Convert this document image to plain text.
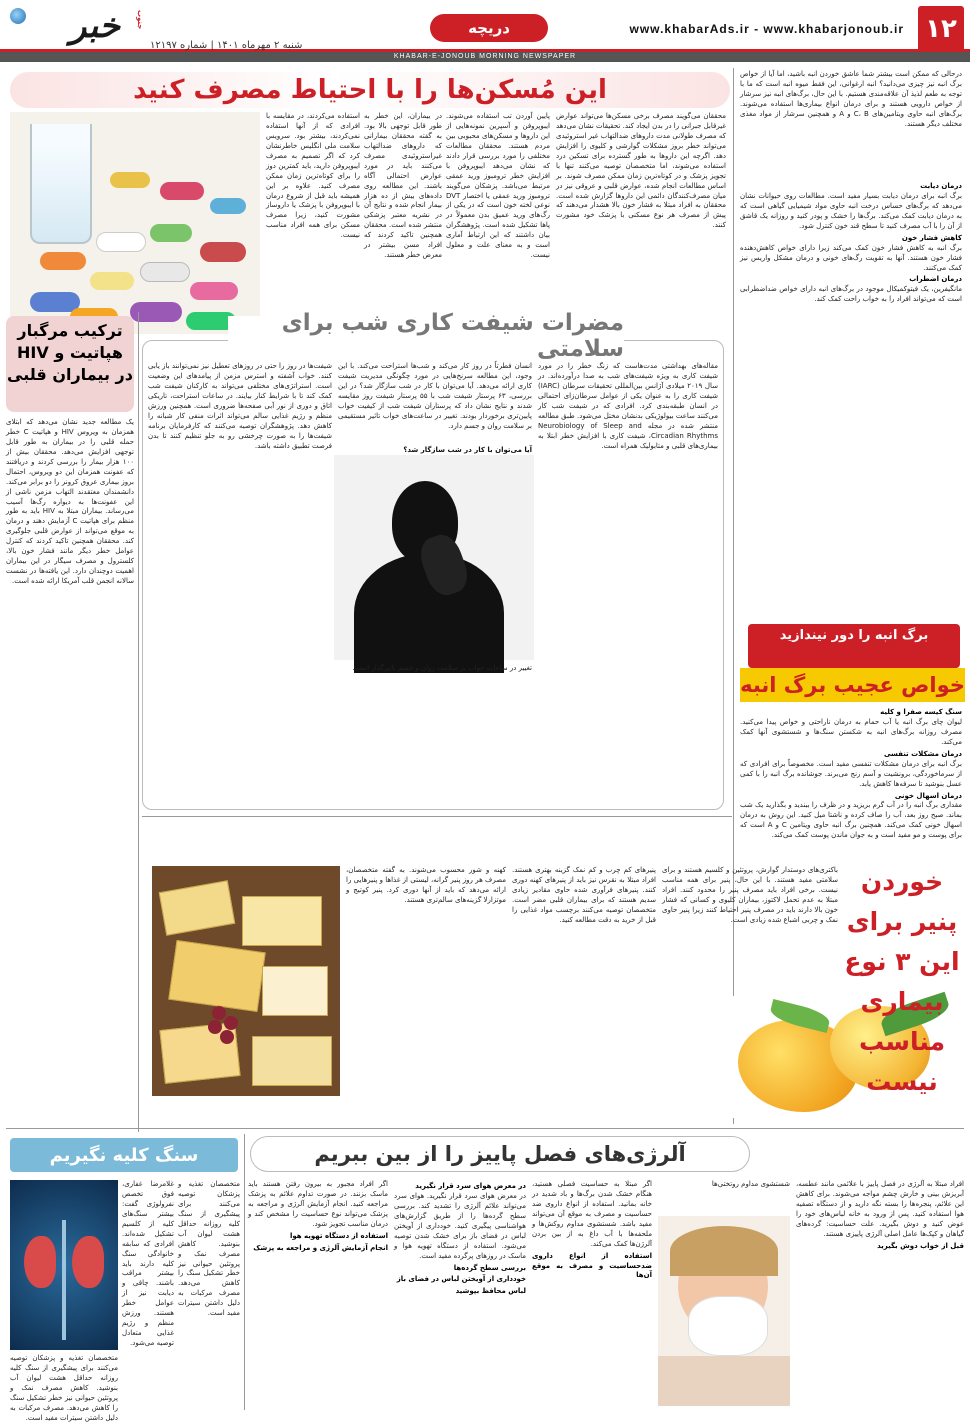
۱۲
www.khabarAds.ir - www.khabarjonoub.ir
دریچه
خبر جنوب
شنبه ۲ مهرماه ۱۴۰۱ | شماره ۱۲۱۹۷
KHABAR-E-JONOUB MORNING NEWSPAPER
این مُسکن‌ها را با احتیاط مصرف کنید
محققان می‌گویند مصرف برخی مسکن‌ها می‌تواند عوارض غیرقابل جبرانی را در بدن ایجاد کند. تحقیقات نشان می‌دهد که مصرف طولانی مدت داروهای ضدالتهاب غیر استروئیدی می‌تواند خطر بروز مشکلات گوارشی و کلیوی را افزایش دهد. اگرچه این داروها به طور گسترده برای تسکین درد استفاده می‌شوند، اما متخصصان توصیه می‌کنند تنها با تجویز پزشک و در کوتاه‌ترین زمان ممکن مصرف شوند. بر اساس مطالعات انجام شده، عوارض قلبی و عروقی نیز در میان مصرف‌کنندگان دائمی این داروها گزارش شده است. محققان به افراد مبتلا به فشار خون بالا هشدار می‌دهند که پیش از مصرف هر نوع مسکنی با پزشک خود مشورت کنند.
پایین آوردن تب استفاده می‌شوند. ایبوپروفن و آسپرین نمونه‌هایی از این داروها و مسکن‌های محبوبی بین مردم هستند. محققان مطالعات مختلفی را مورد بررسی قرار دادند که نشان می‌دهد ایبوپروفن با افزایش خطر ترومبوز ورید عمقی مرتبط می‌باشد. پزشکان می‌گویند ترومبوز ورید عمقی یا اختصار DVT نوعی لخته خون است که در یکی از رگ‌های ورید عمیق بدن معمولاً در پاها تشکیل شده است. پژوهشگران بیان داشتند که این ارتباط آماری است و به معنای علت و معلول نیست.
در بیماران، این خطر به طور قابل توجهی بالا بود. به گفته محققان بیمارانی که داروهای ضدالتهاب غیراستروئیدی مصرف می‌کنند باید در مورد عوارض احتمالی آگاه باشند. این مطالعه روی داده‌های بیش از ده هزار بیمار انجام شده و نتایج آن در نشریه معتبر پزشکی منتشر شده است. محققان همچنین تاکید کردند که افراد مسن بیشتر در معرض خطر هستند.
استفاده می‌کردند، در مقایسه با افرادی که از آنها استفاده نمی‌کردند، بیشتر بود. سرویس سلامت ملی انگلیس خاطرنشان کرد که اگر تصمیم به مصرف ایبوپروفن دارید، باید کمترین دوز را برای کوتاه‌ترین زمان ممکن مصرف کنید. علاوه بر این همیشه باید قبل از شروع درمان با ایبوپروفن با پزشک یا داروساز مشورت کنید، زیرا مصرف مسکن برای همه افراد مناسب نیست.
درحالی که ممکن است بیشتر شما عاشق خوردن انبه باشید، اما آیا از خواص برگ انبه نیز چیزی می‌دانید؟ انبه ارغوانی، این فقط میوه انبه است که ما با توجه به طعم لذیذ آن علاقه‌مندی هستیم. با این حال، برگ‌های انبه نیز سرشار از خواص دارویی هستند و برای درمان انواع بیماری‌ها استفاده می‌شوند. برگ‌های انبه حاوی ویتامین‌های C، B و A و همچنین سرشار از مواد مغذی مختلف دیگر هستند.
درمان دیابت
برگ انبه برای درمان دیابت بسیار مفید است. مطالعات روی حیوانات نشان می‌دهد که برگ‌های حساس درخت انبه حاوی مواد شیمیایی گیاهی است که به درمان دیابت کمک می‌کند. برگ‌ها را خشک و پودر کنید و روزانه یک قاشق از آن را با آب مصرف کنید تا سطح قند خون کنترل شود.
کاهش فشار خون
برگ انبه به کاهش فشار خون کمک می‌کند زیرا دارای خواص کاهش‌دهنده فشار خون هستند. آنها به تقویت رگ‌های خونی و درمان مشکل واریس نیز کمک می‌کنند.
درمان اضطراب
مانگیفرین، یک فیتوکمیکال موجود در برگ‌های انبه دارای خواص ضداضطرابی است که می‌تواند افراد را به خواب راحت کمک کند.
برگ انبه را دور نیندازید
خواص عجیب برگ انبه
سنگ کیسه صفرا و کلیه
لیوان چای برگ انبه یا آب حمام به درمان ناراحتی و خواص پیدا می‌کنید. مصرف روزانه برگ‌های انبه به شکستن سنگ‌ها و شستشوی آنها کمک می‌کند.
درمان مشکلات تنفسی
برگ انبه برای درمان مشکلات تنفسی مفید است. مخصوصاً برای افرادی که از سرماخوردگی، برونشیت و آسم رنج می‌برند. جوشانده برگ انبه را با کمی عسل بنوشید تا سرفه‌ها کاهش یابد.
درمان اسهال خونی
مقداری برگ انبه را در آب گرم بریزید و در ظرف را ببندید و بگذارید یک شب بماند. صبح روز بعد، آب را صاف کرده و ناشتا میل کنید. این روش به درمان اسهال خونی کمک می‌کند. همچنین برگ انبه حاوی ویتامین C و A است که برای پوست و مو مفید است و به جوان ماندن پوست کمک می‌کند.
مضرات شیفت کاری شب برای سلامتی
مقاله‌های بهداشتی مدت‌هاست که زنگ خطر را در مورد شیفت کاری به ویژه شیفت‌های شب به صدا درآورده‌اند. در سال ۲۰۱۹ میلادی آژانس بین‌المللی تحقیقات سرطان (IARC) شیفت کاری را به عنوان یکی از عوامل سرطان‌زای احتمالی در انسان طبقه‌بندی کرد. افرادی که در شیفت شب کار می‌کنند ساعت بیولوژیکی بدنشان مختل می‌شود. طبق مطالعه منتشر شده در مجله Neurobiology of Sleep and Circadian Rhythms، شیفت کاری با افزایش خطر ابتلا به بیماری‌های قلبی و متابولیک همراه است.
انسان فطرتاً در روز کار می‌کند و شب‌ها استراحت می‌کند. با این وجود، این مطالعه سرنخ‌هایی در مورد چگونگی مدیریت شیفت کاری ارائه می‌دهد. آیا می‌توان با کار در شب سازگار شد؟ در این بررسی، ۶۳ پرستار شیفت شب با ۵۵ پرستار شیفت روز مقایسه شدند و نتایج نشان داد که پرستاران شیفت شب از کیفیت خواب پایین‌تری برخوردار بودند. تغییر در ساعت‌های خواب تاثیر مستقیمی بر سلامت روان و جسم دارد.
آیا می‌توان با کار در شب سازگار شد؟
تغییر در ساعات خواب بر سلامت روان و جسم تاثیرگذار است.
شیفت‌ها در روز را حتی در روزهای تعطیل نیز نمی‌توانند باز یابی کنند. خواب آشفته و استرس مزمن از پیامدهای این وضعیت است. استراتژی‌های مختلفی می‌تواند به کارکنان شیفت شب کمک کند تا با شرایط کنار بیایند. در ساعات استراحت، تاریکی اتاق و دوری از نور آبی صفحه‌ها ضروری است. همچنین ورزش منظم و رژیم غذایی سالم می‌تواند اثرات منفی کار شبانه را کاهش دهد. پژوهشگران توصیه می‌کنند که کارفرمایان برنامه شیفت‌ها را به صورت چرخشی رو به جلو تنظیم کنند تا بدن فرصت تطبیق داشته باشد.
ترکیب مرگبار هپاتیت و HIV در بیماران قلبی
یک مطالعه جدید نشان می‌دهد که ابتلای همزمان به ویروس HIV و هپاتیت C خطر حمله قلبی را در بیماران به طور قابل توجهی افزایش می‌دهد. محققان بیش از ۱۰۰ هزار بیمار را بررسی کردند و دریافتند که عفونت همزمان این دو ویروس، احتمال بروز بیماری عروق کرونر را دو برابر می‌کند. دانشمندان معتقدند التهاب مزمن ناشی از این عفونت‌ها به دیواره رگ‌ها آسیب می‌رساند. بیماران مبتلا به HIV باید به طور منظم برای هپاتیت C آزمایش دهند و درمان به موقع می‌تواند از عوارض قلبی جلوگیری کند. محققان همچنین تاکید کردند که کنترل عوامل خطر دیگر مانند فشار خون بالا، کلسترول و مصرف سیگار در این بیماران اهمیت دوچندان دارد. این یافته‌ها در نشست سالانه انجمن قلب آمریکا ارائه شده است.
باکتری‌های دوستدار گوارش، پروتئین و کلسیم هستند و برای سلامتی مفید هستند. با این حال، پنیر برای همه مناسب نیست. برخی افراد باید مصرف پنیر را محدود کنند. افراد مبتلا به عدم تحمل لاکتوز، بیماران کلیوی و کسانی که فشار خون بالا دارند باید در مصرف پنیر احتیاط کنند زیرا پنیر حاوی نمک و چربی اشباع شده زیادی است.
پنیرهای کم چرب و کم نمک گزینه بهتری هستند. افراد مبتلا به نقرس نیز باید از پنیرهای کهنه دوری کنند. پنیرهای فرآوری شده حاوی مقادیر زیادی سدیم هستند که برای بیماران قلبی مضر است. متخصصان توصیه می‌کنند برچسب مواد غذایی را قبل از خرید به دقت مطالعه کنید.
کهنه و شور محسوب می‌شوند. به گفته متخصصان، مصرف هر روز پنیر گرانه، لیستی از غذاها و پنیرهایی را ارائه می‌دهد که باید از آنها دوری کرد. پنیر کوتیج و موتزارلا گزینه‌های سالم‌تری هستند.
خوردن پنیر برای این ۳ نوع بیماری مناسب نیست
آلرژی‌های فصل پاییز را از بین ببریم
افراد مبتلا به آلرژی در فصل پاییز با علائمی مانند عطسه، آبریزش بینی و خارش چشم مواجه می‌شوند. برای کاهش این علائم، پنجره‌ها را بسته نگه دارید و از دستگاه تصفیه هوا استفاده کنید. پس از ورود به خانه لباس‌های خود را عوض کنید و دوش بگیرید. علت حساسیت: گرده‌های گیاهان و کپک‌ها عامل اصلی آلرژی پاییزی هستند.
قبل از خواب دوش بگیرید
شستشوی مداوم روتختی‌ها
اگر مبتلا به حساسیت فصلی هستید، هنگام خشک شدن برگ‌ها و باد شدید در خانه بمانید. استفاده از انواع داروی ضد حساسیت و مصرف به موقع آن می‌تواند مفید باشد. شستشوی مداوم روکش‌ها و ملحفه‌ها با آب داغ به از بین بردن آلرژن‌ها کمک می‌کند.
استفاده از انواع داروی ضدحساسیت و مصرف به موقع آن‌ها
در معرض هوای سرد قرار نگیرید
در معرض هوای سرد قرار نگیرید. هوای سرد می‌تواند علائم آلرژی را تشدید کند. بررسی سطح گرده‌ها را از طریق گزارش‌های هواشناسی پیگیری کنید. خودداری از آویختن لباس در فضای باز برای خشک شدن توصیه می‌شود. استفاده از دستگاه تهویه هوا و ماسک در روزهای پرگرده مفید است.
بررسی سطح گرده‌ها
خودداری از آویختن لباس در فضای باز
لباس محافظ بپوشید
اگر افراد مجبور به بیرون رفتن هستند باید ماسک بزنند. در صورت تداوم علائم به پزشک مراجعه کنید. انجام آزمایش آلرژی و مراجعه به پزشک می‌تواند نوع حساسیت را مشخص کند و درمان مناسب تجویز شود.
استفاده از دستگاه تهویه هوا
انجام آزمایش آلرژی و مراجعه به پزشک
سنگ کلیه نگیریم
متخصصان تغذیه و پزشکان توصیه می‌کنند برای پیشگیری از سنگ کلیه روزانه حداقل هشت لیوان آب بنوشید. کاهش مصرف نمک و پروتئین حیوانی نیز خطر تشکیل سنگ را کاهش می‌دهد. مصرف مرکبات به دلیل داشتن سیترات مفید است.
غلامرضا غفاری، فوق تخصص نفرولوژی گفت: بیشتر سنگ‌های کلیه از کلسیم تشکیل شده‌اند. افرادی که سابقه خانوادگی سنگ کلیه دارند باید بیشتر مراقب باشند. چاقی و دیابت نیز از عوامل خطر هستند. ورزش منظم و رژیم غذایی متعادل توصیه می‌شود.
متخصصان تغذیه و پزشکان توصیه می‌کنند برای پیشگیری از سنگ کلیه روزانه حداقل هشت لیوان آب بنوشید. کاهش مصرف نمک و پروتئین حیوانی نیز خطر تشکیل سنگ را کاهش می‌دهد. مصرف مرکبات به دلیل داشتن سیترات مفید است.
